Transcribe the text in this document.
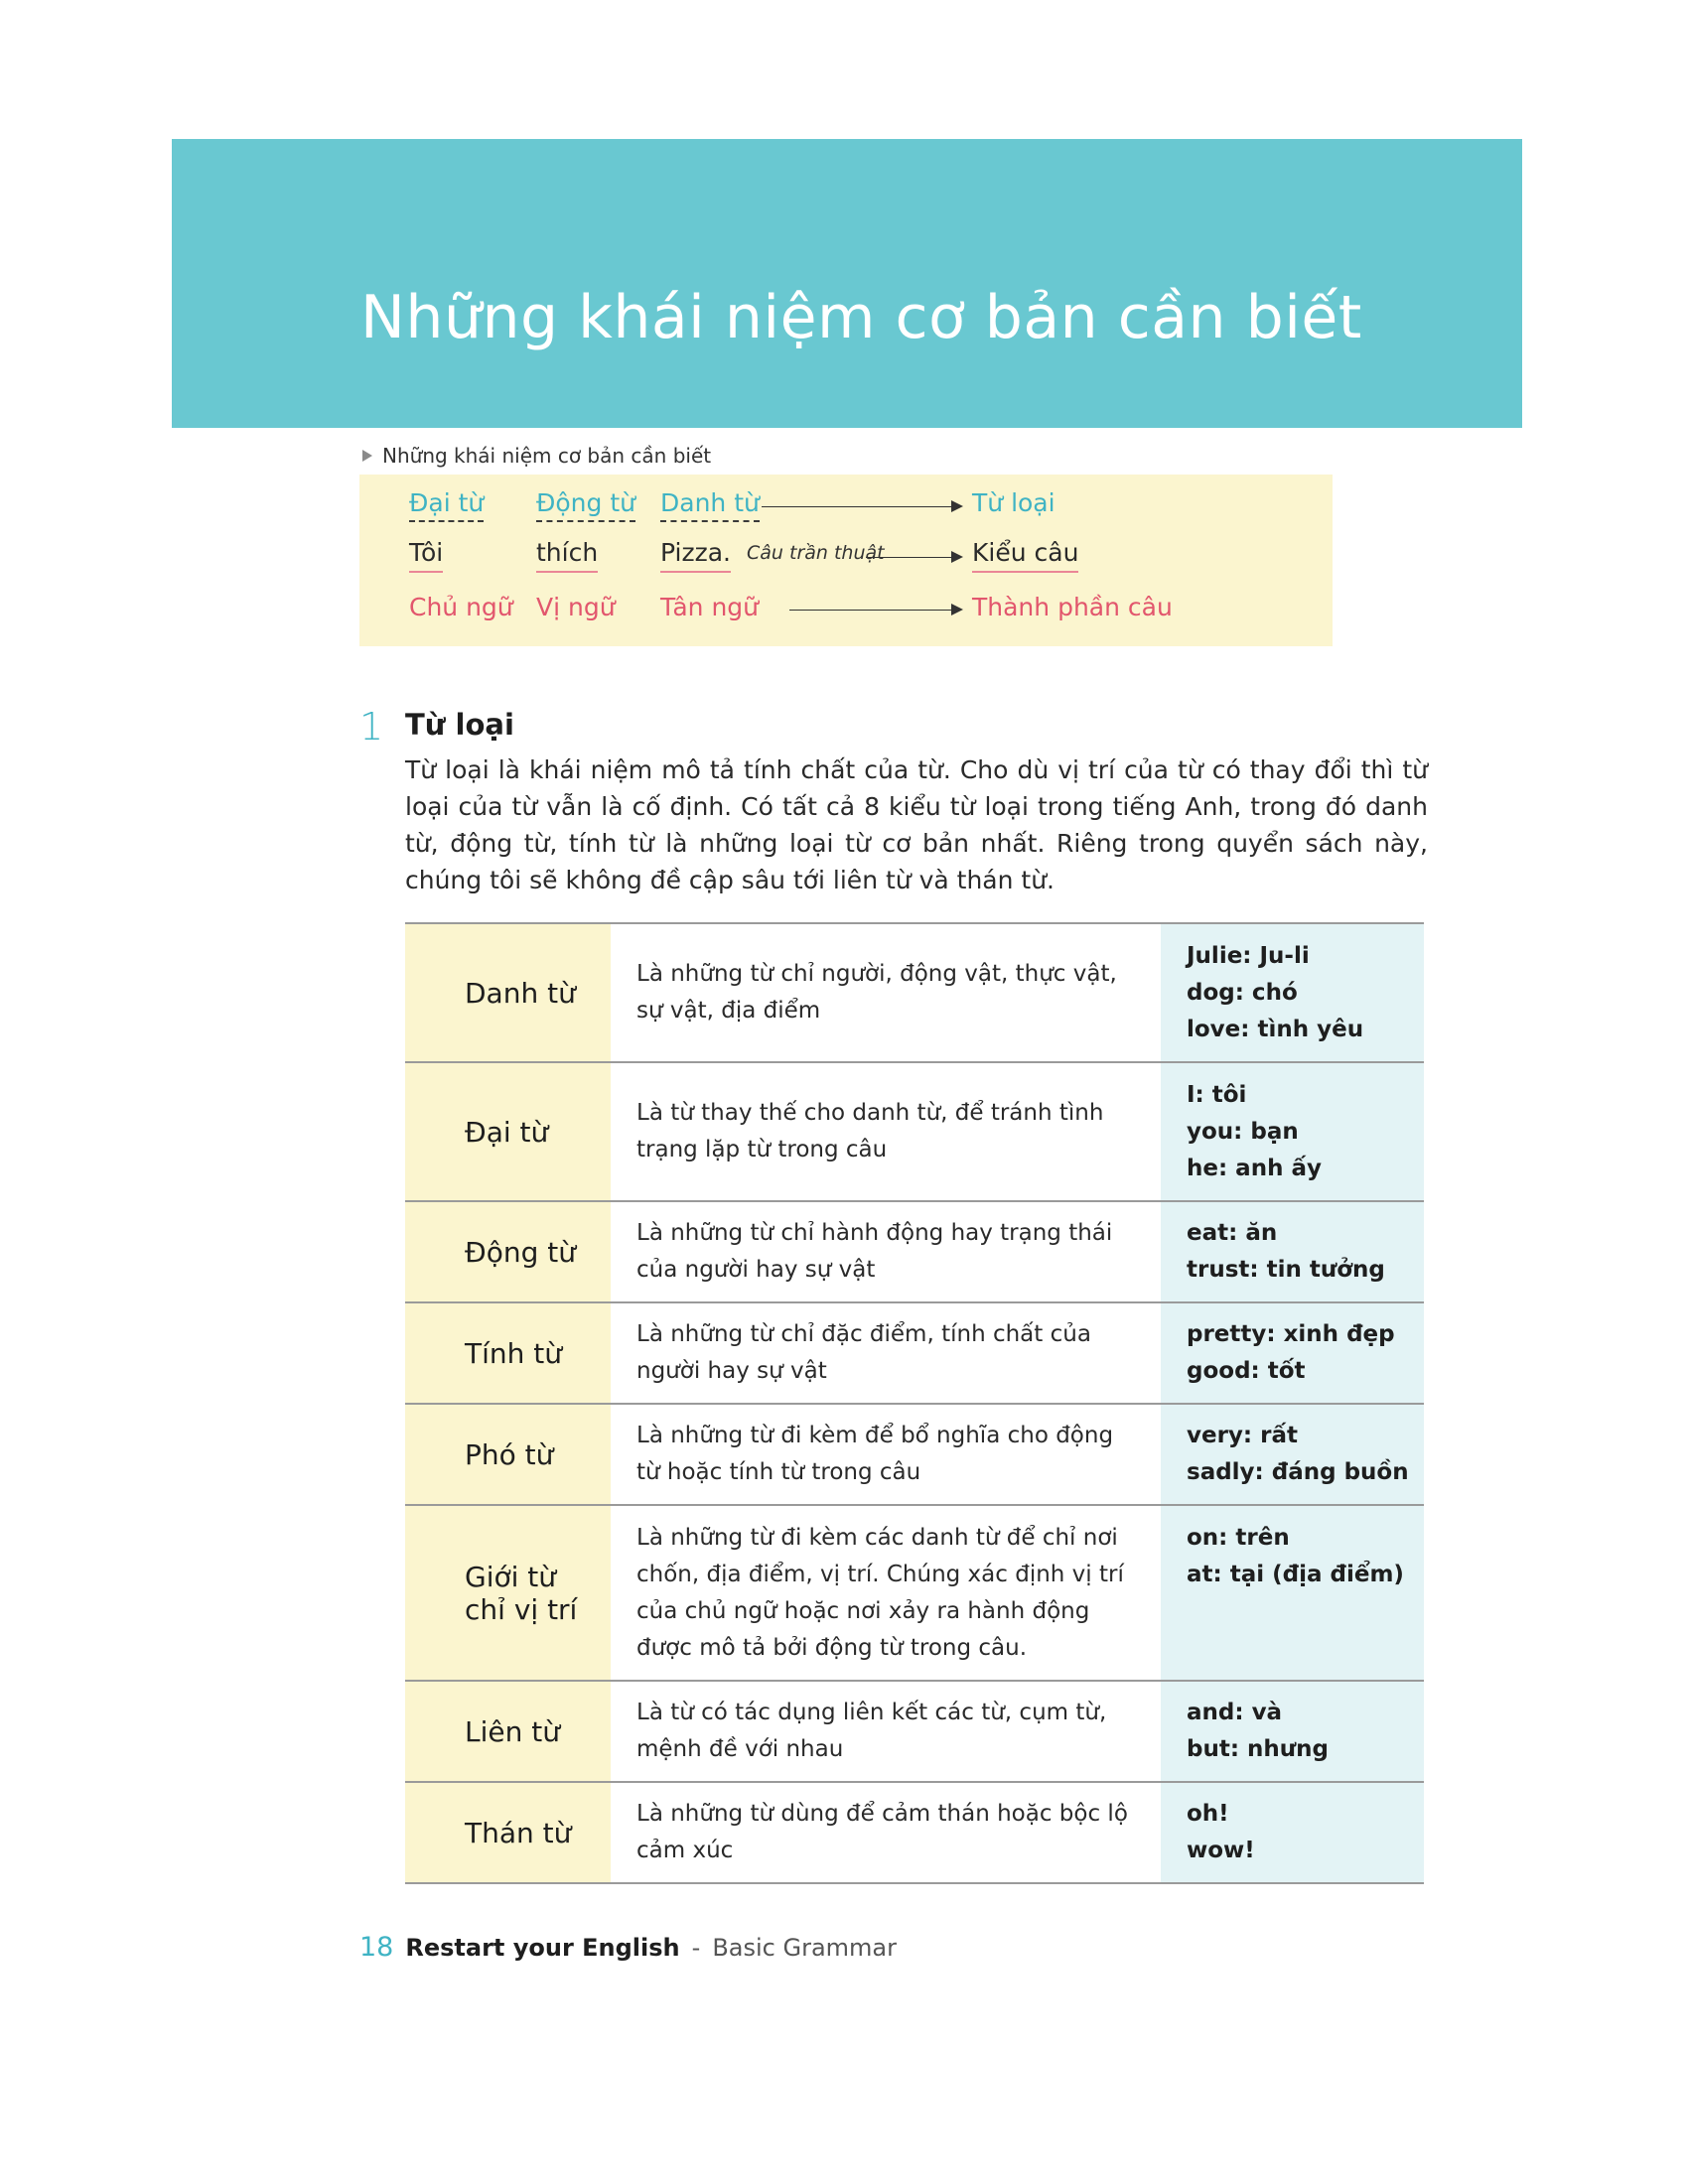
Những khái niệm cơ bản cần biết
Những khái niệm cơ bản cần biết
Đại từ Động từ Danh từ	Từ loại
Tôi	thích	Pizza. Câu trần thuật	Kiểu câu
Chủ ngữ Vị ngữ Tân ngữ	Thành phần câu
1 Từ loại

Từ loại là khái niệm mô tả tính chất của từ. Cho dù vị trí của từ có thay đổi thì từ loại của từ vẫn là cố định. Có tất cả 8 kiểu từ loại trong tiếng Anh, trong đó danh từ, động từ, tính từ là những loại từ cơ bản nhất. Riêng trong quyển sách này, chúng tôi sẽ không đề cập sâu tới liên từ và thán từ.

Danh từ	Là những từ chỉ người, động vật, thực vật, sự vật, địa điểm	Julie: Ju-li
dog: chó
love: tình yêu

Đại từ	Là từ thay thế cho danh từ, để tránh tình trạng lặp từ trong câu	I: tôi
you: bạn
he: anh ấy

Động từ	Là những từ chỉ hành động hay trạng thái của người hay sự vật	eat: ăn
trust: tin tưởng

Tính từ	Là những từ chỉ đặc điểm, tính chất của người hay sự vật	pretty: xinh đẹp
good: tốt

Phó từ	Là những từ đi kèm để bổ nghĩa cho động từ hoặc tính từ trong câu	very: rất
sadly: đáng buồn

Giới từ chỉ vị trí	Là những từ đi kèm các danh từ để chỉ nơi chốn, địa điểm, vị trí. Chúng xác định vị trí của chủ ngữ hoặc nơi xảy ra hành động được mô tả bởi động từ trong câu.	on: trên
at: tại (địa điểm)

Liên từ	Là từ có tác dụng liên kết các từ, cụm từ, mệnh đề với nhau	and: và
but: nhưng

Thán từ	Là những từ dùng để cảm thán hoặc bộc lộ cảm xúc	oh!
wow!
18 Restart your English - Basic Grammar
